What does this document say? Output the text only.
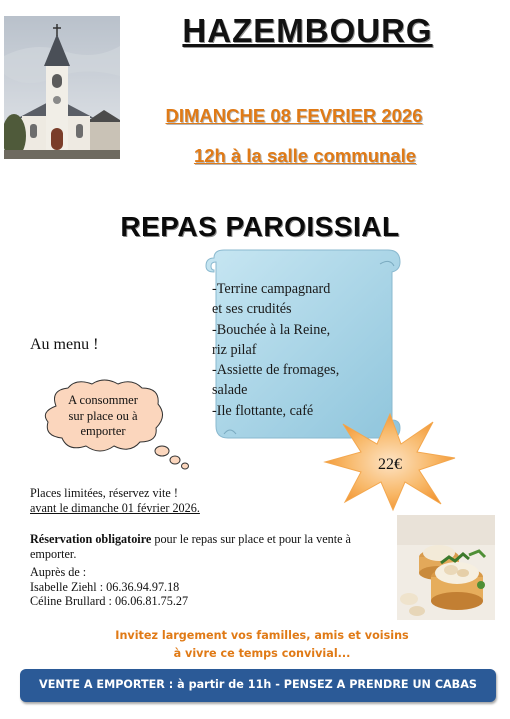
HAZEMBOURG
DIMANCHE 08 FEVRIER 2026
12h à la salle communale
REPAS PAROISSIAL
-Terrine campagnard
et ses crudités
-Bouchée à la Reine,
riz pilaf
-Assiette de fromages,
salade
-Ile flottante, café
Au menu !
A consommer
sur place ou à
emporter
22€
Places limitées, réservez vite !
avant le dimanche 01 février 2026.
Réservation obligatoire pour le repas sur place et pour la vente à emporter.
Auprès de :
Isabelle Ziehl : 06.36.94.97.18
Céline Brullard : 06.06.81.75.27
Invitez largement vos familles, amis et voisins
à vivre ce temps convivial...
VENTE A EMPORTER : à partir de 11h - PENSEZ A PRENDRE UN CABAS
